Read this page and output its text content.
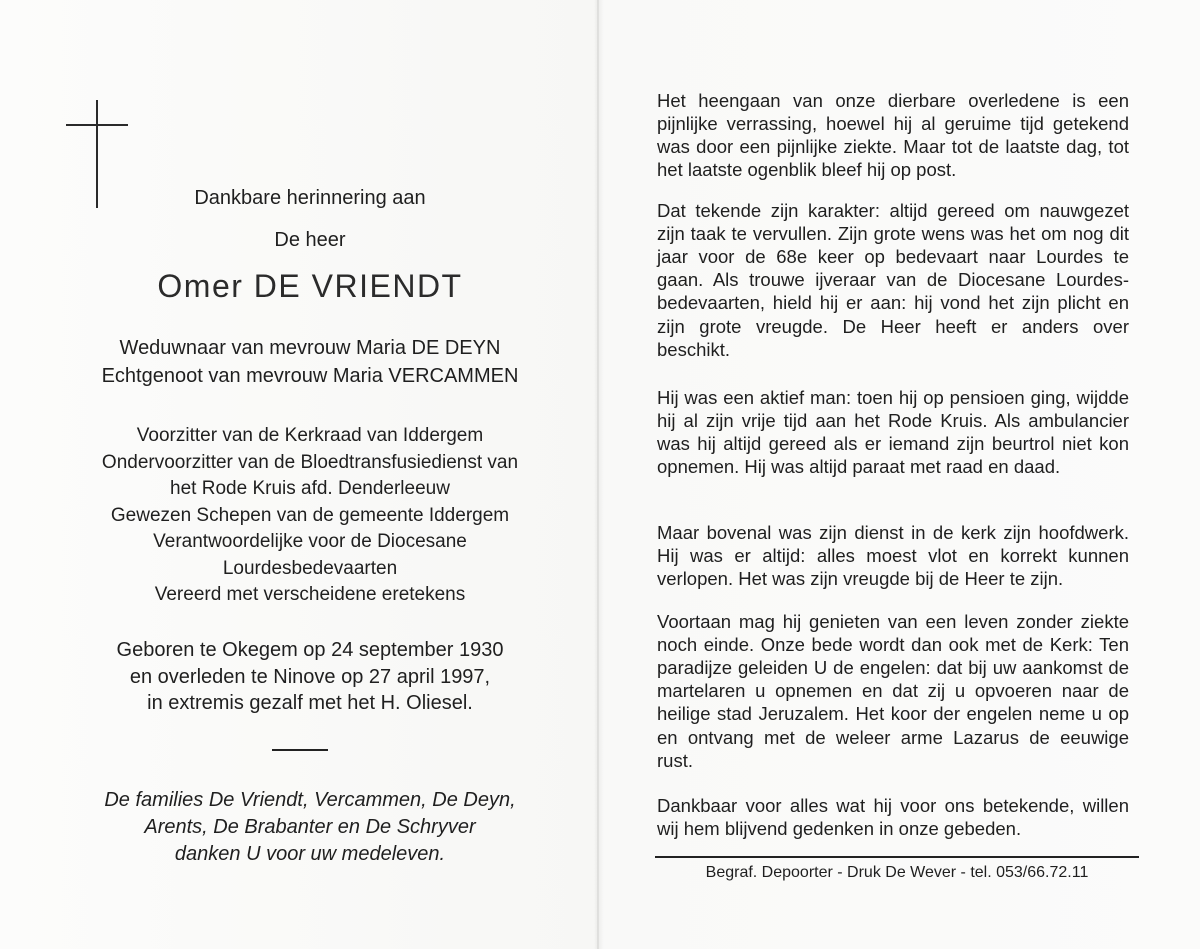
Dankbare herinnering aan
De heer
Omer DE VRIENDT
Weduwnaar van mevrouw Maria DE DEYN
Echtgenoot van mevrouw Maria VERCAMMEN
Voorzitter van de Kerkraad van Iddergem
Ondervoorzitter van de Bloedtransfusiedienst van
het Rode Kruis afd. Denderleeuw
Gewezen Schepen van de gemeente Iddergem
Verantwoordelijke voor de Diocesane
Lourdesbedevaarten
Vereerd met verscheidene eretekens
Geboren te Okegem op 24 september 1930
en overleden te Ninove op 27 april 1997,
in extremis gezalf met het H. Oliesel.
De families De Vriendt, Vercammen, De Deyn,
Arents, De Brabanter en De Schryver
danken U voor uw medeleven.

Het heengaan van onze dierbare overledene is een pijnlijke verrassing, hoewel hij al geruime tijd getekend was door een pijnlijke ziekte. Maar tot de laatste dag, tot het laatste ogenblik bleef hij op post.

Dat tekende zijn karakter: altijd gereed om nauwgezet zijn taak te vervullen. Zijn grote wens was het om nog dit jaar voor de 68e keer op bedevaart naar Lourdes te gaan. Als trouwe ijveraar van de Diocesane Lourdes-bedevaarten, hield hij er aan: hij vond het zijn plicht en zijn grote vreugde. De Heer heeft er anders over beschikt.

Hij was een aktief man: toen hij op pensioen ging, wijdde hij al zijn vrije tijd aan het Rode Kruis. Als ambulancier was hij altijd gereed als er iemand zijn beurtrol niet kon opnemen. Hij was altijd paraat met raad en daad.

Maar bovenal was zijn dienst in de kerk zijn hoofdwerk. Hij was er altijd: alles moest vlot en korrekt kunnen verlopen. Het was zijn vreugde bij de Heer te zijn.

Voortaan mag hij genieten van een leven zonder ziekte noch einde. Onze bede wordt dan ook met de Kerk: Ten paradijze geleiden U de engelen: dat bij uw aankomst de martelaren u opnemen en dat zij u opvoeren naar de heilige stad Jeruzalem. Het koor der engelen neme u op en ontvang met de weleer arme Lazarus de eeuwige rust.

Dankbaar voor alles wat hij voor ons betekende, willen wij hem blijvend gedenken in onze gebeden.

Begraf. Depoorter - Druk De Wever - tel. 053/66.72.11
